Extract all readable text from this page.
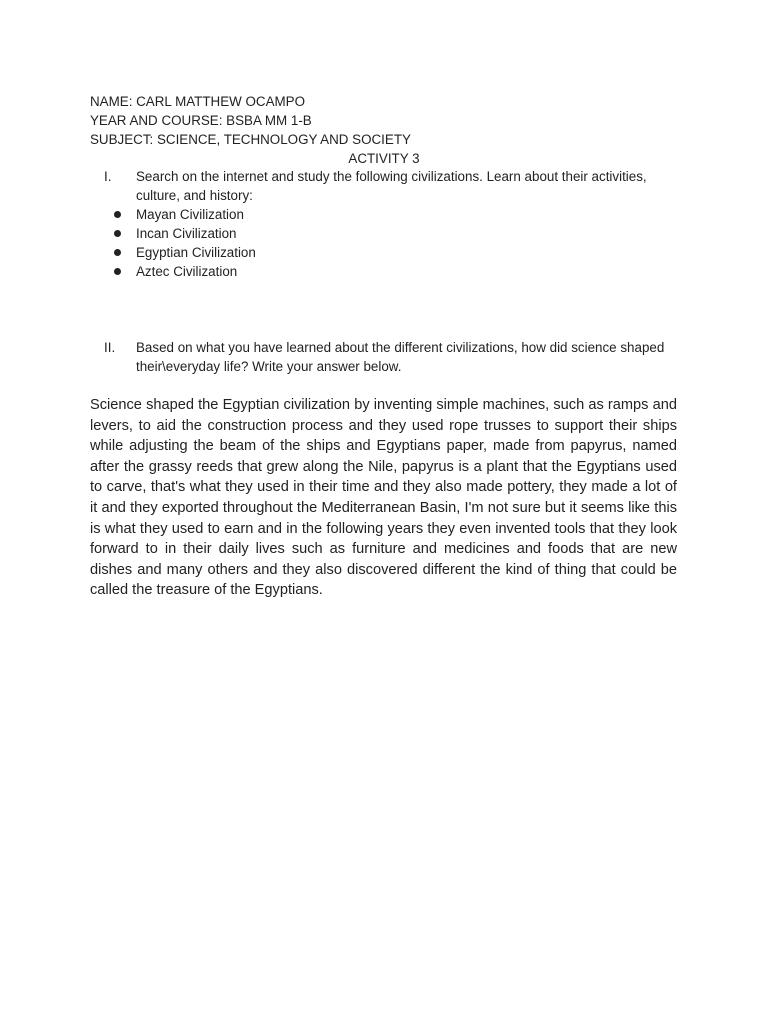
NAME: CARL MATTHEW OCAMPO
YEAR AND COURSE: BSBA MM 1-B
SUBJECT: SCIENCE, TECHNOLOGY AND SOCIETY
ACTIVITY 3
I. Search on the internet and study the following civilizations. Learn about their activities, culture, and history:
Mayan Civilization
Incan Civilization
Egyptian Civilization
Aztec Civilization
II. Based on what you have learned about the different civilizations, how did science shaped their\everyday life? Write your answer below.
Science shaped the Egyptian civilization by inventing simple machines, such as ramps and levers, to aid the construction process and they used rope trusses to support their ships while adjusting the beam of the ships and Egyptians paper, made from papyrus, named after the grassy reeds that grew along the Nile, papyrus is a plant that the Egyptians used to carve, that's what they used in their time and they also made pottery, they made a lot of it and they exported throughout the Mediterranean Basin, I'm not sure but it seems like this is what they used to earn and in the following years they even invented tools that they look forward to in their daily lives such as furniture and medicines and foods that are new dishes and many others and they also discovered different the kind of thing that could be called the treasure of the Egyptians.
